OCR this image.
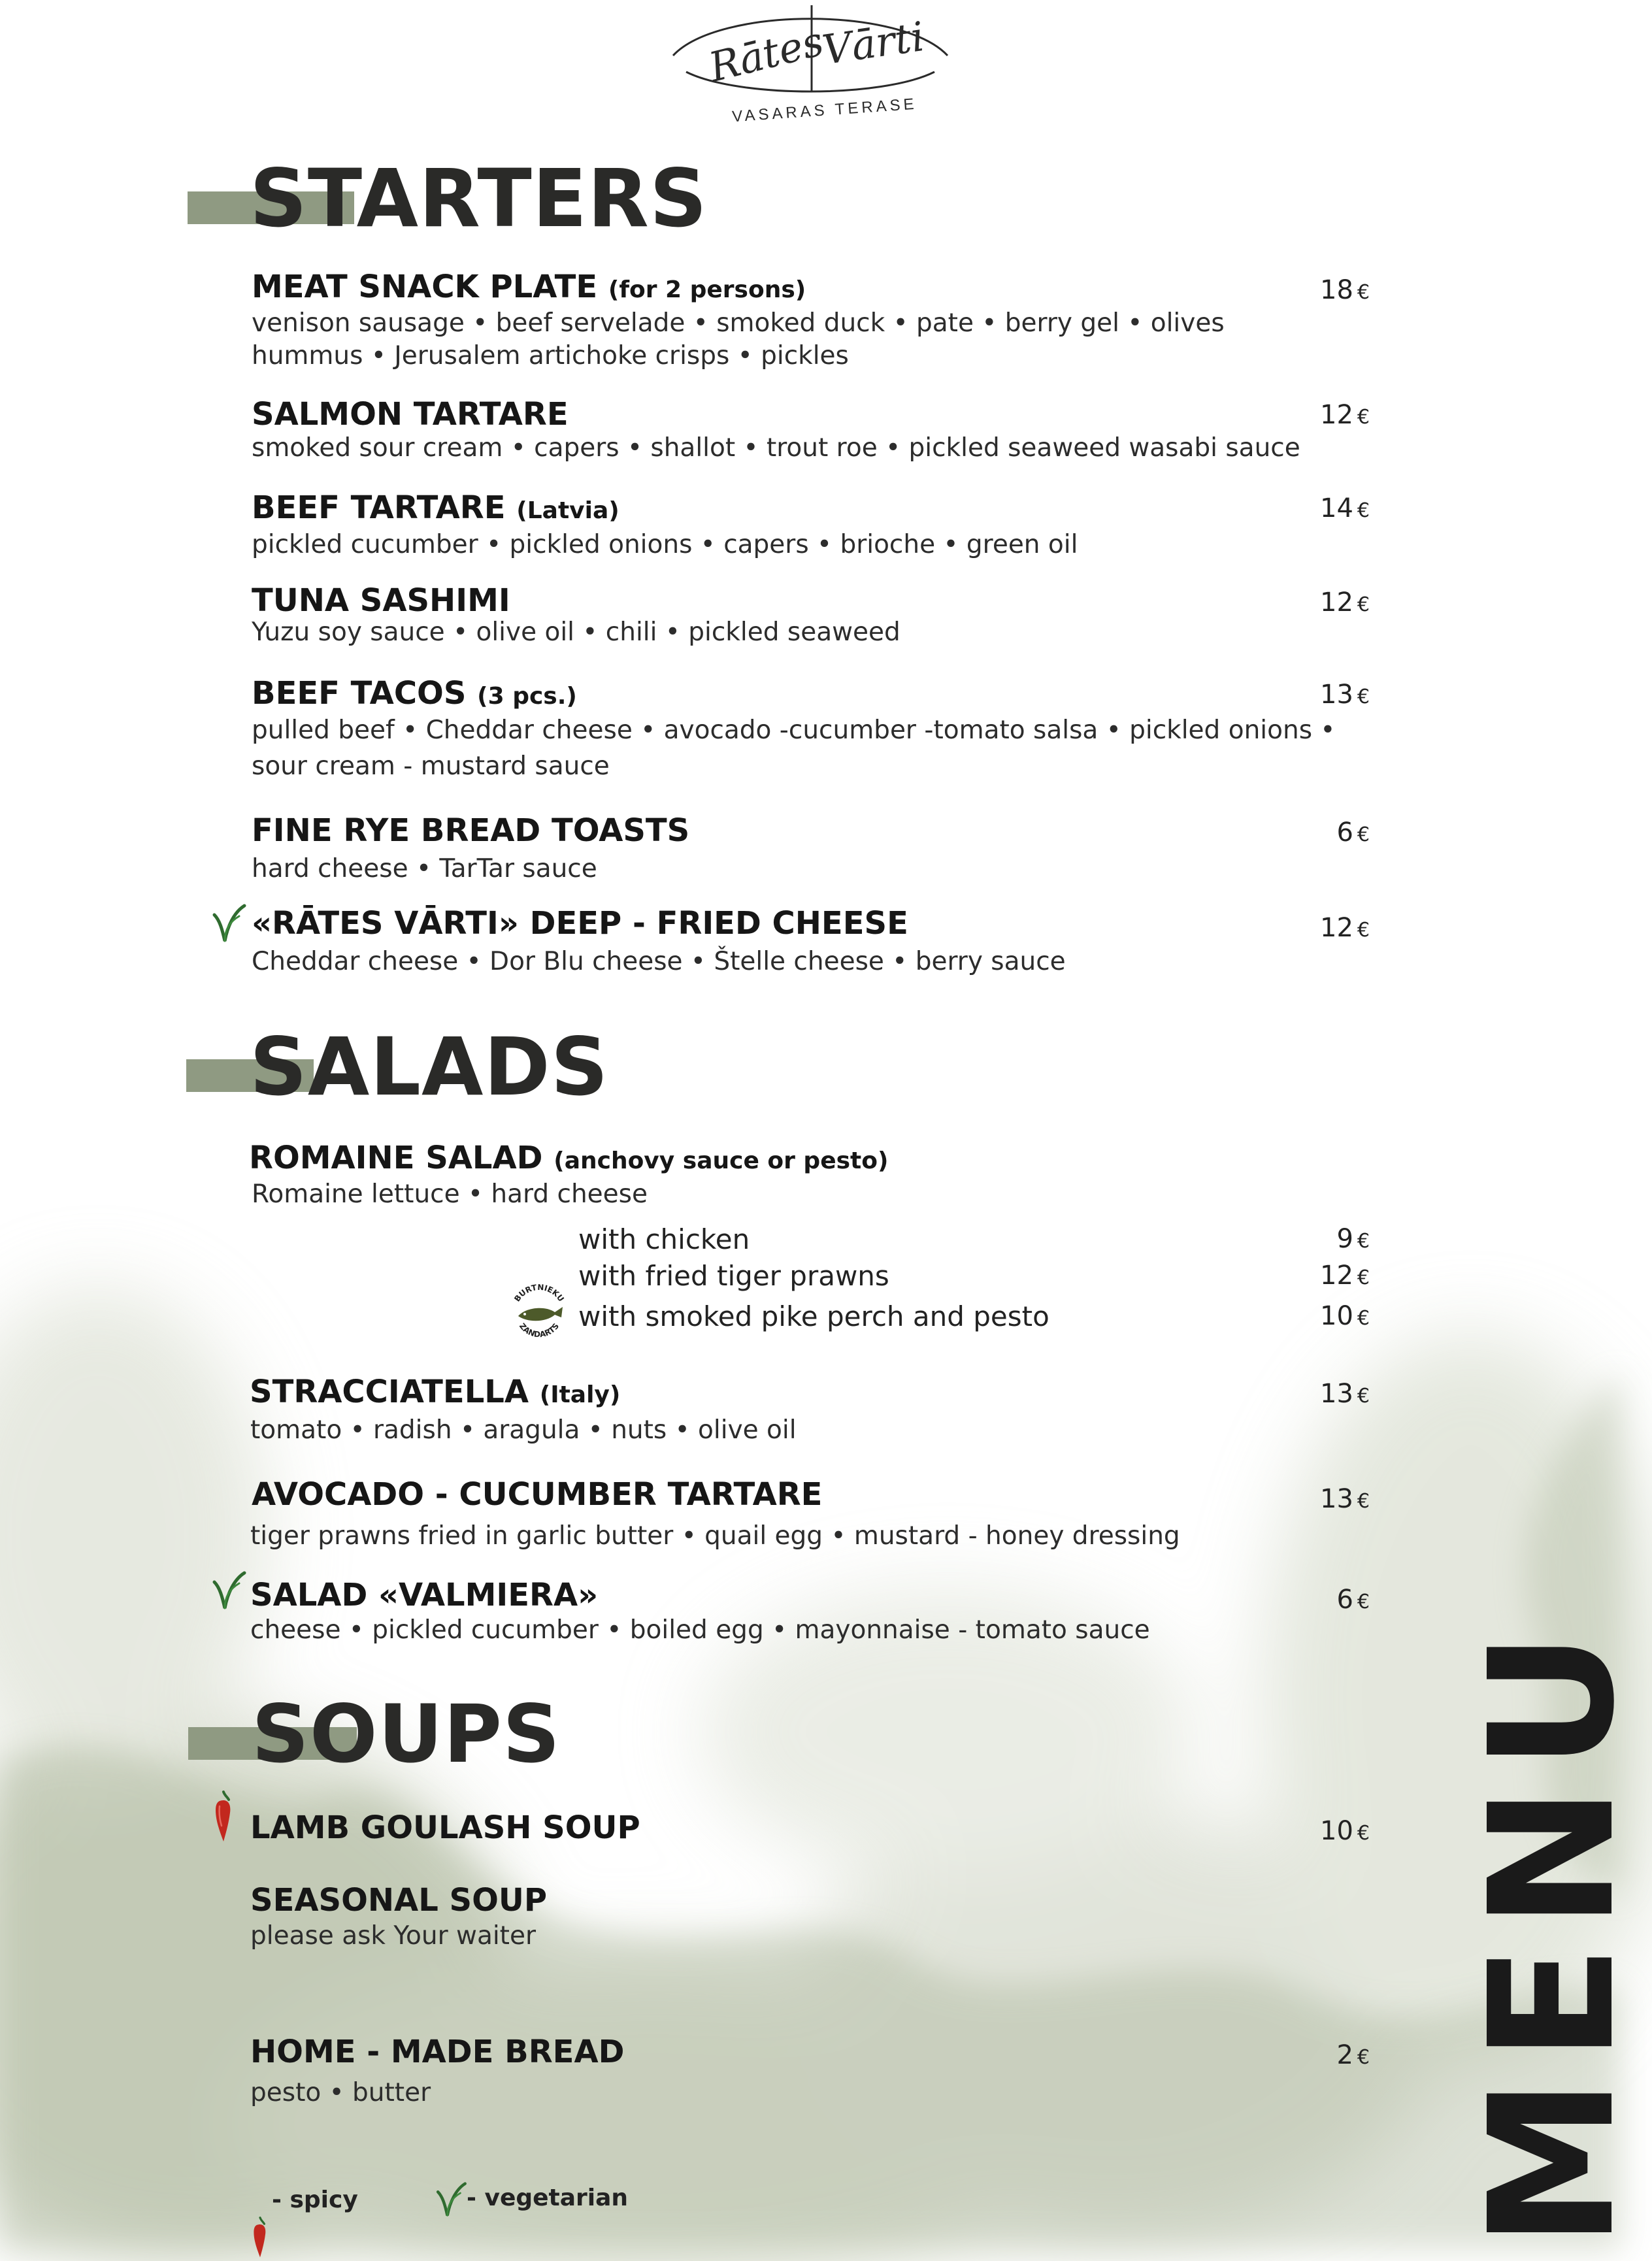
Rātes
Vārti
VASARAS TERASE
STARTERS
MEAT SNACK PLATE (for 2 persons)	18 €
venison sausage • beef servelade • smoked duck • pate • berry gel • olives
hummus • Jerusalem artichoke crisps • pickles
SALMON TARTARE	12 €
smoked sour cream • capers • shallot • trout roe • pickled seaweed wasabi sauce
BEEF TARTARE (Latvia)	14 €
pickled cucumber • pickled onions • capers • brioche • green oil
TUNA SASHIMI	12 €
Yuzu soy sauce • olive oil • chili • pickled seaweed
BEEF TACOS (3 pcs.)	13 €
pulled beef • Cheddar cheese • avocado -cucumber -tomato salsa • pickled onions •
sour cream - mustard sauce
FINE RYE BREAD TOASTS	6 €
hard cheese • TarTar sauce
«RĀTES VĀRTI» DEEP - FRIED CHEESE	12 €
Cheddar cheese • Dor Blu cheese • Štelle cheese • berry sauce
SALADS
ROMAINE SALAD (anchovy sauce or pesto)
Romaine lettuce • hard cheese
with chicken	9 €
with fried tiger prawns	12 €
with smoked pike perch and pesto	10 €
BURTNIEKU
ZANDARTS
STRACCIATELLA (Italy)	13 €
tomato • radish • aragula • nuts • olive oil
AVOCADO - CUCUMBER TARTARE	13 €
tiger prawns fried in garlic butter • quail egg • mustard - honey dressing
SALAD «VALMIERA»	6 €
cheese • pickled cucumber • boiled egg • mayonnaise - tomato sauce
SOUPS
LAMB GOULASH SOUP	10 €
SEASONAL SOUP
please ask Your waiter
HOME - MADE BREAD	2 €
pesto • butter
- spicy	- vegetarian	MENU
